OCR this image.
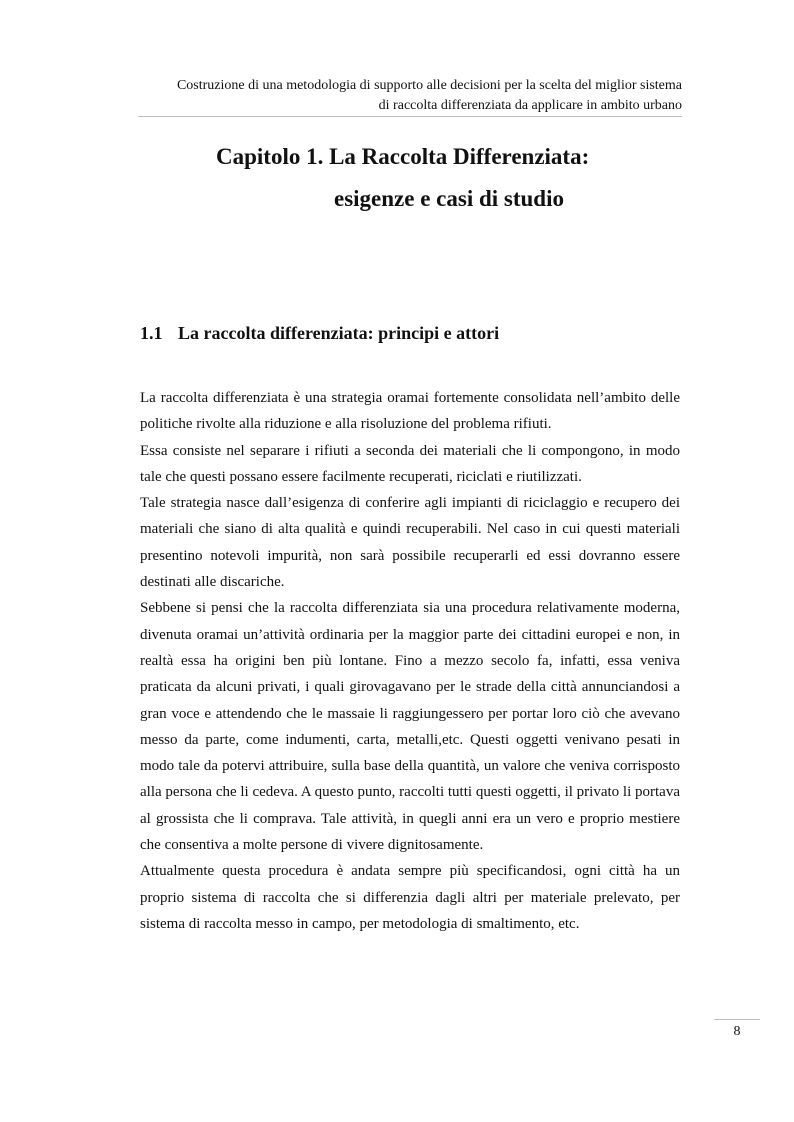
Costruzione di una metodologia di supporto alle decisioni per la scelta del miglior sistema
di raccolta differenziata da applicare in ambito urbano
Capitolo 1. La Raccolta Differenziata:
esigenze e casi di studio
1.1 La raccolta differenziata: principi e attori

La raccolta differenziata è una strategia oramai fortemente consolidata nell’ambito delle politiche rivolte alla riduzione e alla risoluzione del problema rifiuti.

Essa consiste nel separare i rifiuti a seconda dei materiali che li compongono, in modo tale che questi possano essere facilmente recuperati, riciclati e riutilizzati.

Tale strategia nasce dall’esigenza di conferire agli impianti di riciclaggio e recupero dei materiali che siano di alta qualità e quindi recuperabili. Nel caso in cui questi materiali presentino notevoli impurità, non sarà possibile recuperarli ed essi dovranno essere destinati alle discariche.

Sebbene si pensi che la raccolta differenziata sia una procedura relativamente moderna, divenuta oramai un’attività ordinaria per la maggior parte dei cittadini europei e non, in realtà essa ha origini ben più lontane. Fino a mezzo secolo fa, infatti, essa veniva praticata da alcuni privati, i quali girovagavano per le strade della città annunciandosi a gran voce e attendendo che le massaie li raggiungessero per portar loro ciò che avevano messo da parte, come indumenti, carta, metalli,etc. Questi oggetti venivano pesati in modo tale da potervi attribuire, sulla base della quantità, un valore che veniva corrisposto alla persona che li cedeva. A questo punto, raccolti tutti questi oggetti, il privato li portava al grossista che li comprava. Tale attività, in quegli anni era un vero e proprio mestiere che consentiva a molte persone di vivere dignitosamente.

Attualmente questa procedura è andata sempre più specificandosi, ogni città ha un proprio sistema di raccolta che si differenzia dagli altri per materiale prelevato, per sistema di raccolta messo in campo, per metodologia di smaltimento, etc.

8
